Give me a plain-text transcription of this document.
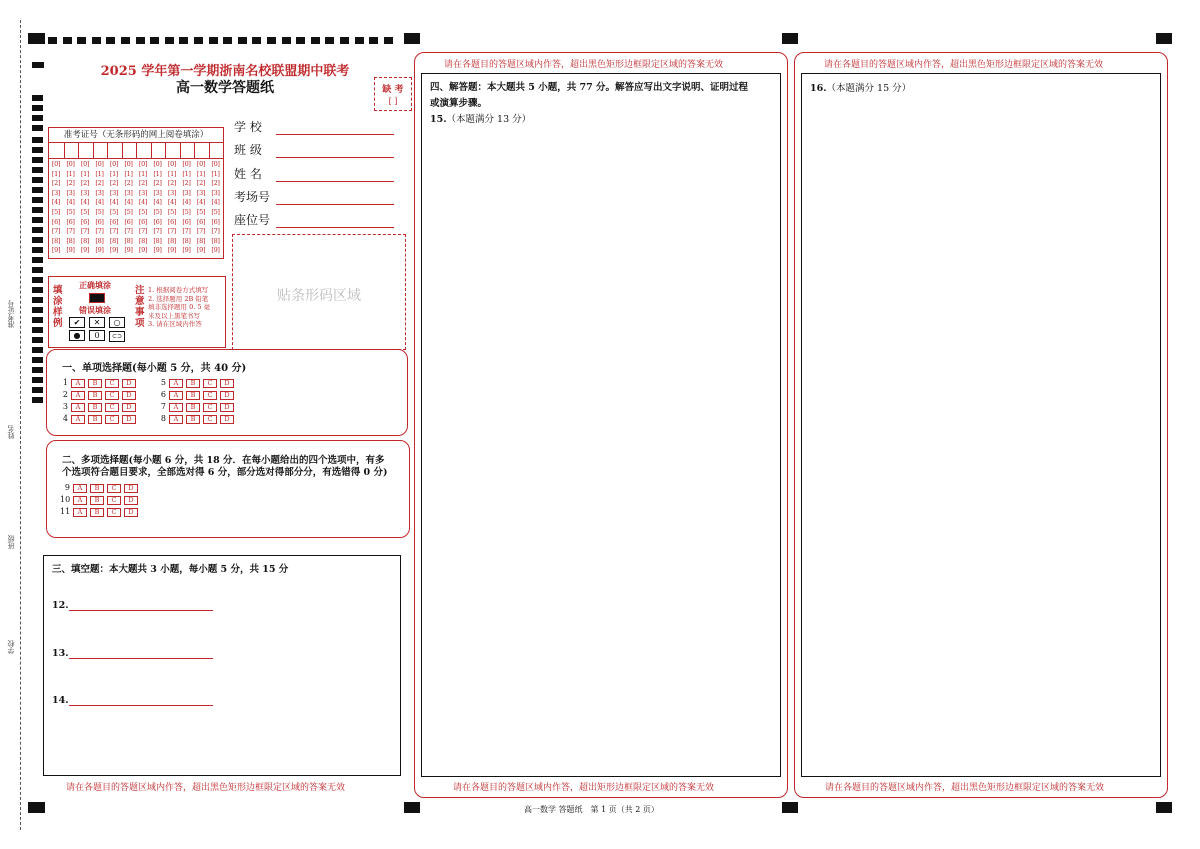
准考证号
姓名
班级
学校
2025 学年第一学期浙南名校联盟期中联考
高一数学答题纸	缺 考
[ ]
准考证号（无条形码的网上阅卷填涂）
[0]
[1]
[2]
[3]
[4]
[5]
[6]
[7]
[8]
[9]
[0]
[1]
[2]
[3]
[4]
[5]
[6]
[7]
[8]
[9]
[0]
[1]
[2]
[3]
[4]
[5]
[6]
[7]
[8]
[9]
[0]
[1]
[2]
[3]
[4]
[5]
[6]
[7]
[8]
[9]
[0]
[1]
[2]
[3]
[4]
[5]
[6]
[7]
[8]
[9]
[0]
[1]
[2]
[3]
[4]
[5]
[6]
[7]
[8]
[9]
[0]
[1]
[2]
[3]
[4]
[5]
[6]
[7]
[8]
[9]
[0]
[1]
[2]
[3]
[4]
[5]
[6]
[7]
[8]
[9]
[0]
[1]
[2]
[3]
[4]
[5]
[6]
[7]
[8]
[9]
[0]
[1]
[2]
[3]
[4]
[5]
[6]
[7]
[8]
[9]
[0]
[1]
[2]
[3]
[4]
[5]
[6]
[7]
[8]
[9]
[0]
[1]
[2]
[3]
[4]
[5]
[6]
[7]
[8]
[9]
学 校
班 级
姓 名
考场号
座位号
贴条形码区域
填
涂
样
例
正确填涂
错误填涂
✔ ✕ ○
● 0 ⊂⊃
注
意
事
项
1. 根据阅卷方式填写
2. 选择题用 2B 铅笔
填非选择题用 0. 5 毫
米及以上黑笔书写
3. 请在区域内作答
一、单项选择题(每小题 5 分，共 40 分)
1 A B C D
2 A B C D
3 A B C D
4 A B C D
5 A B C D
6 A B C D
7 A B C D
8 A B C D
二、多项选择题(每小题 6 分，共 18 分．在每小题给出的四个选项中，有多
个选项符合题目要求，全部选对得 6 分，部分选对得部分分，有选错得 0 分)
9 A B C D
10 A B C D
11 A B C D
三、填空题：本大题共 3 小题，每小题 5 分，共 15 分
12.
13.
14.
请在各题目的答题区域内作答，超出黑色矩形边框限定区域的答案无效
请在各题目的答题区域内作答，超出黑色矩形边框限定区域的答案无效
四、解答题：本大题共 5 小题，共 77 分。解答应写出文字说明、证明过程
或演算步骤。
15.（本题满分 13 分）
请在各题目的答题区域内作答，超出矩形边框限定区域的答案无效
请在各题目的答题区域内作答，超出黑色矩形边框限定区域的答案无效
16.（本题满分 15 分）
请在各题目的答题区域内作答，超出黑色矩形边框限定区域的答案无效
高一数学 答题纸　第 1 页（共 2 页）
